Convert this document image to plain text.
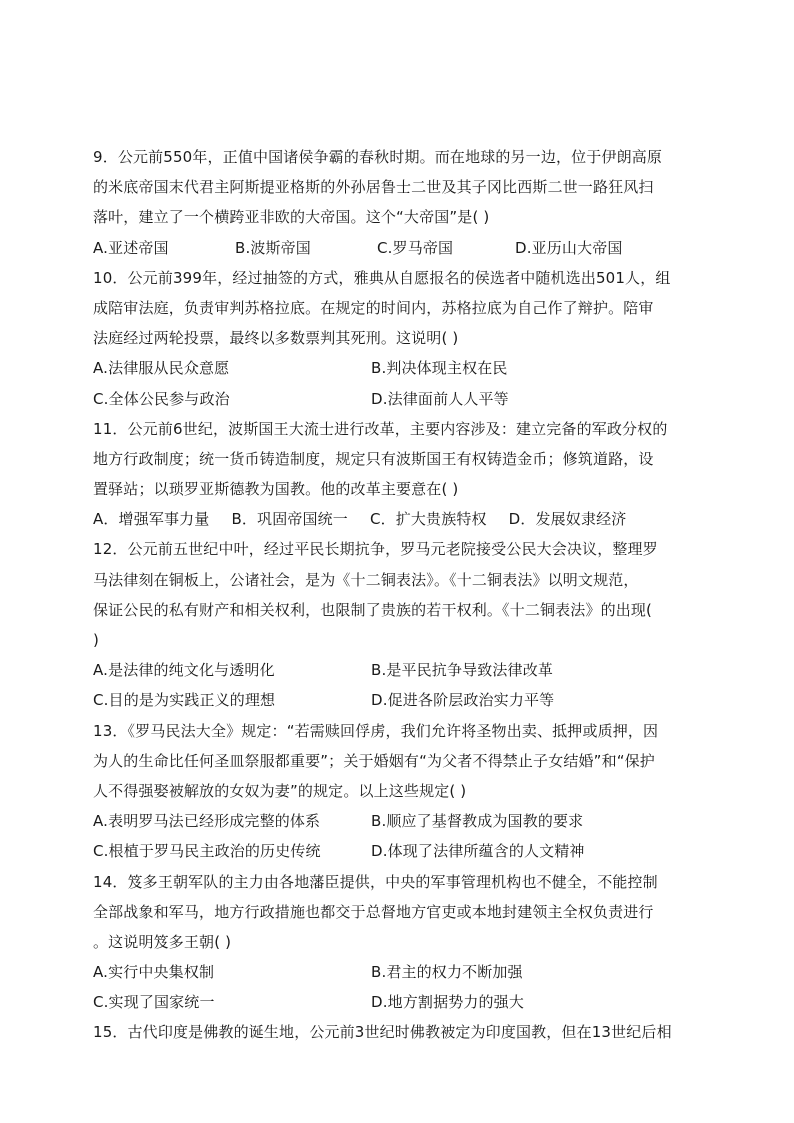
9．公元前550年，正值中国诸侯争霸的春秋时期。而在地球的另一边，位于伊朗高原
的米底帝国末代君主阿斯提亚格斯的外孙居鲁士二世及其子冈比西斯二世一路狂风扫
落叶，建立了一个横跨亚非欧的大帝国。这个“大帝国”是( )
A.亚述帝国	B.波斯帝国	C.罗马帝国	D.亚历山大帝国
10．公元前399年，经过抽签的方式，雅典从自愿报名的侯选者中随机选出501人，组
成陪审法庭，负责审判苏格拉底。在规定的时间内，苏格拉底为自己作了辩护。陪审
法庭经过两轮投票，最终以多数票判其死刑。这说明( )
A.法律服从民众意愿	B.判决体现主权在民
C.全体公民参与政治	D.法律面前人人平等
11．公元前6世纪，波斯国王大流士进行改革，主要内容涉及：建立完备的军政分权的
地方行政制度；统一货币铸造制度，规定只有波斯国王有权铸造金币；修筑道路，设
置驿站；以琐罗亚斯德教为国教。他的改革主要意在( )
A．增强军事力量 B．巩固帝国统一 C．扩大贵族特权 D．发展奴隶经济
12．公元前五世纪中叶，经过平民长期抗争，罗马元老院接受公民大会决议，整理罗
马法律刻在铜板上，公诸社会，是为《十二铜表法》。《十二铜表法》以明文规范，
保证公民的私有财产和相关权利，也限制了贵族的若干权利。《十二铜表法》的出现(
)
A.是法律的纯文化与透明化	B.是平民抗争导致法律改革
C.目的是为实践正义的理想	D.促进各阶层政治实力平等
13．《罗马民法大全》规定：“若需赎回俘虏，我们允许将圣物出卖、抵押或质押，因
为人的生命比任何圣皿祭服都重要”；关于婚姻有“为父者不得禁止子女结婚”和“保护
人不得强娶被解放的女奴为妻”的规定。以上这些规定( )
A.表明罗马法已经形成完整的体系	B.顺应了基督教成为国教的要求
C.根植于罗马民主政治的历史传统	D.体现了法律所蕴含的人文精神
14．笈多王朝军队的主力由各地藩臣提供，中央的军事管理机构也不健全，不能控制
全部战象和军马，地方行政措施也都交于总督地方官吏或本地封建领主全权负责进行
。这说明笈多王朝( )
A.实行中央集权制	B.君主的权力不断加强
C.实现了国家统一	D.地方割据势力的强大
15．古代印度是佛教的诞生地，公元前3世纪时佛教被定为印度国教，但在13世纪后相
